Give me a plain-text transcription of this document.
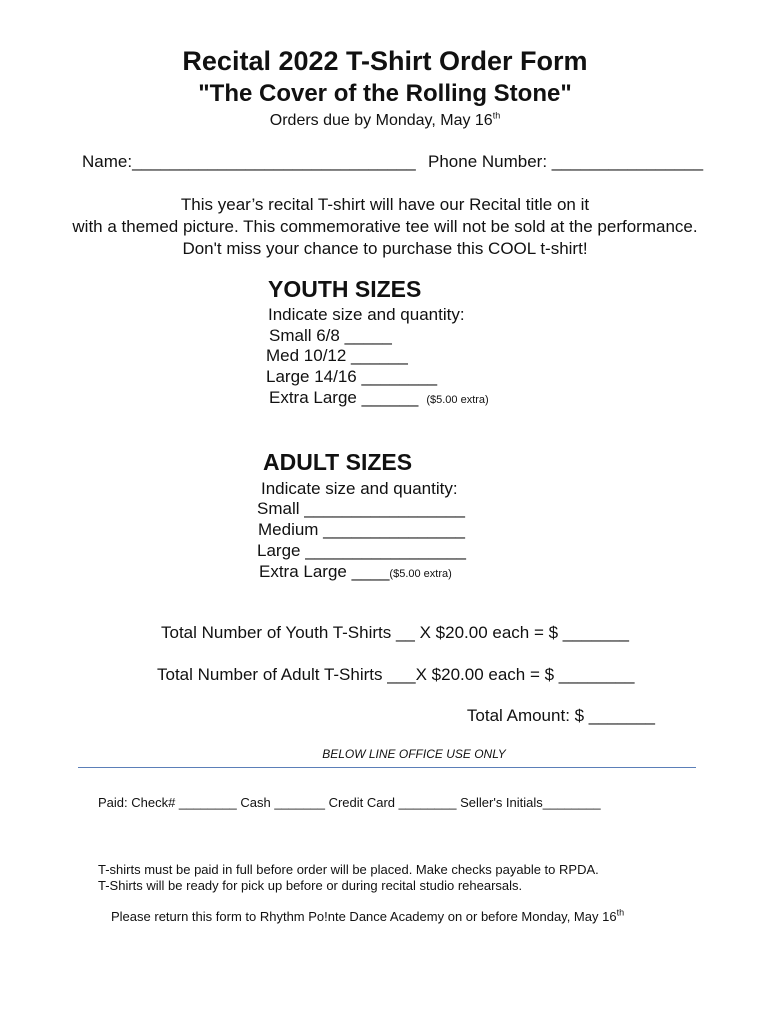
Recital 2022 T-Shirt Order Form
"The Cover of the Rolling Stone"
Orders due by Monday, May 16th
Name:______________________________ Phone Number: ________________
This year’s recital T-shirt will have our Recital title on it
with a themed picture. This commemorative tee will not be sold at the performance.
Don't miss your chance to purchase this COOL t-shirt!
YOUTH SIZES
Indicate size and quantity:
Small 6/8 _____
Med 10/12 ______
Large 14/16 ________
Extra Large ______ ($5.00 extra)
ADULT SIZES
Indicate size and quantity:
Small _________________
Medium _______________
Large _________________
Extra Large ____($5.00 extra)
Total Number of Youth T-Shirts __ X $20.00 each = $ _______
Total Number of Adult T-Shirts ___X $20.00 each = $ ________
Total Amount: $ _______
BELOW LINE OFFICE USE ONLY
Paid: Check# ________ Cash _______ Credit Card ________ Seller's Initials________
T-shirts must be paid in full before order will be placed. Make checks payable to RPDA.
T-Shirts will be ready for pick up before or during recital studio rehearsals.
Please return this form to Rhythm Po!nte Dance Academy on or before Monday, May 16th
